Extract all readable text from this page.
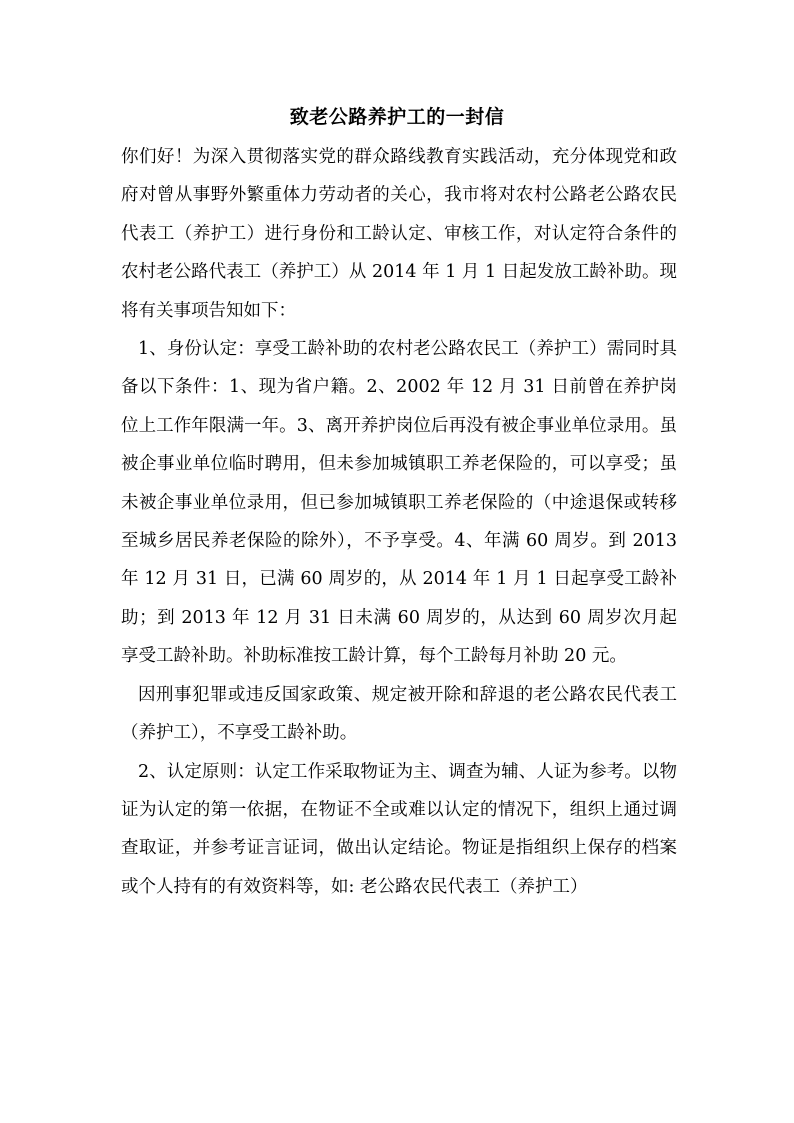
致老公路养护工的一封信

你们好！为深入贯彻落实党的群众路线教育实践活动，充分体现党和政府对曾从事野外繁重体力劳动者的关心，我市将对农村公路老公路农民代表工（养护工）进行身份和工龄认定、审核工作，对认定符合条件的农村老公路代表工（养护工）从 2014 年 1 月 1 日起发放工龄补助。现将有关事项告知如下：

1、身份认定：享受工龄补助的农村老公路农民工（养护工）需同时具备以下条件：1、现为省户籍。2、2002 年 12 月 31 日前曾在养护岗位上工作年限满一年。3、离开养护岗位后再没有被企事业单位录用。虽被企事业单位临时聘用，但未参加城镇职工养老保险的，可以享受；虽未被企事业单位录用，但已参加城镇职工养老保险的（中途退保或转移至城乡居民养老保险的除外），不予享受。4、年满 60 周岁。到 2013 年 12 月 31 日，已满 60 周岁的，从 2014 年 1 月 1 日起享受工龄补助；到 2013 年 12 月 31 日未满 60 周岁的，从达到 60 周岁次月起享受工龄补助。补助标准按工龄计算，每个工龄每月补助 20 元。

因刑事犯罪或违反国家政策、规定被开除和辞退的老公路农民代表工（养护工），不享受工龄补助。

2、认定原则：认定工作采取物证为主、调查为辅、人证为参考。以物证为认定的第一依据，在物证不全或难以认定的情况下，组织上通过调查取证，并参考证言证词，做出认定结论。物证是指组织上保存的档案或个人持有的有效资料等，如: 老公路农民代表工（养护工）
